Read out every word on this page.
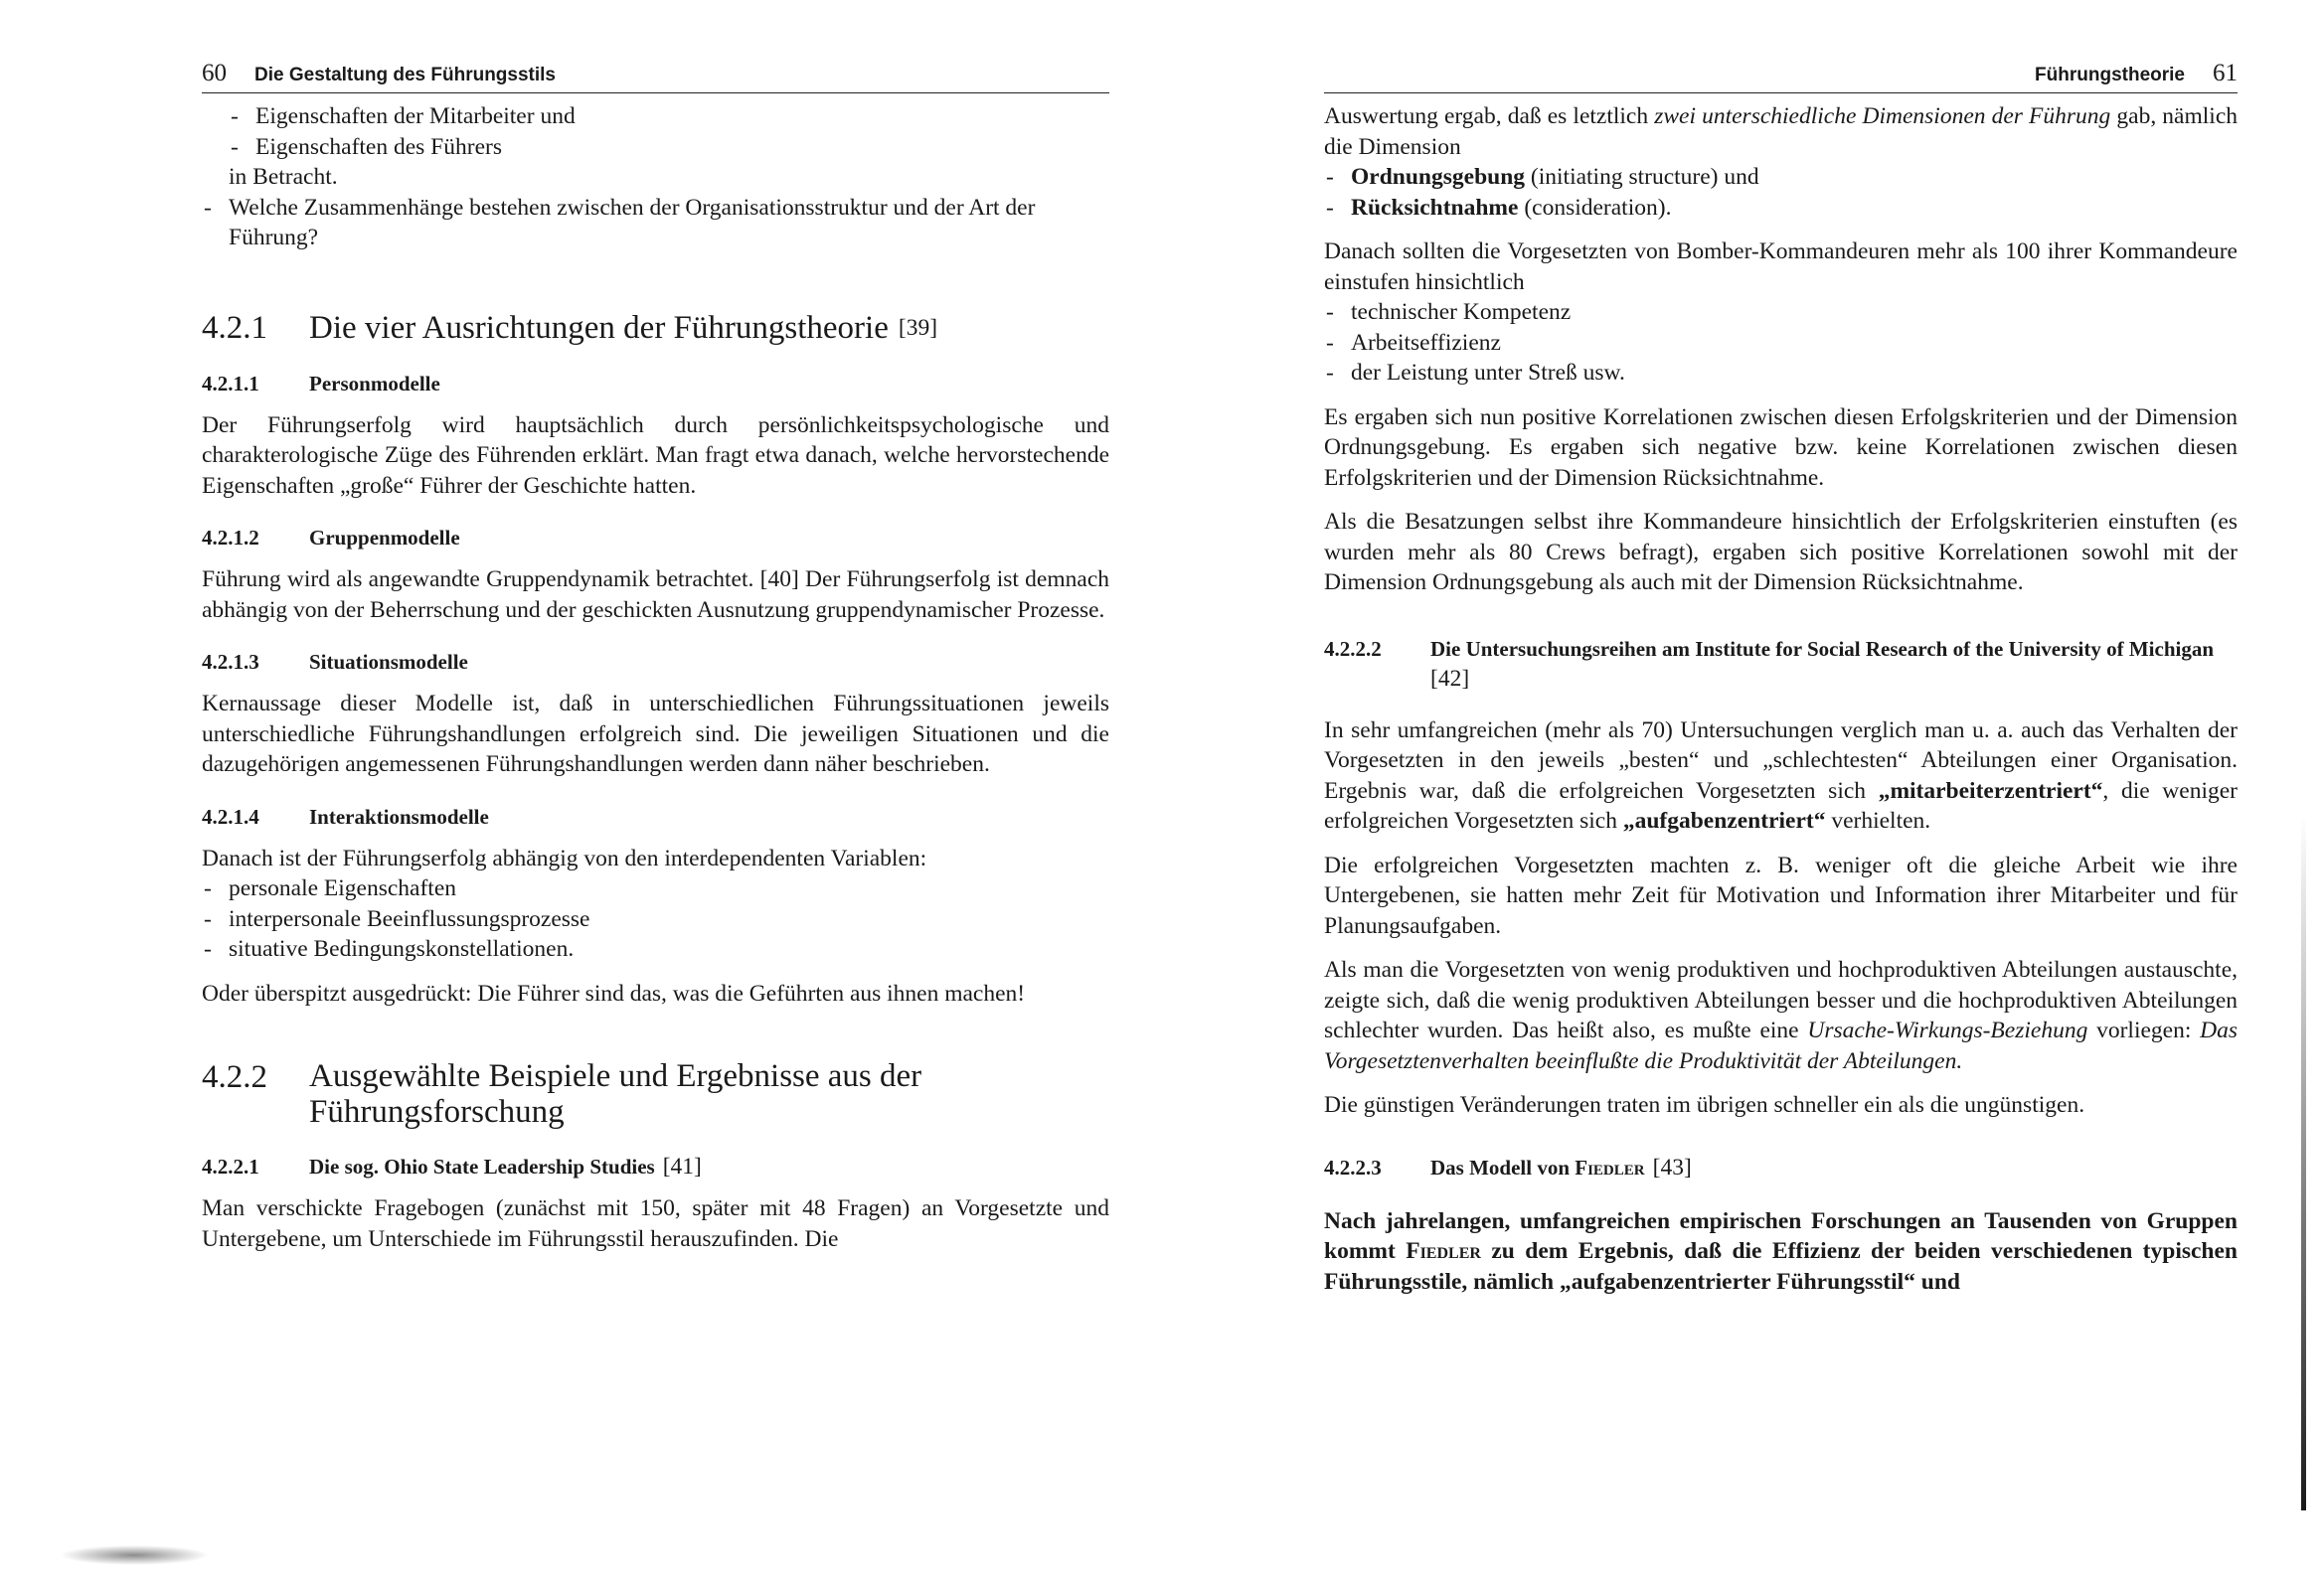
60 Die Gestaltung des Führungsstils
- Eigenschaften der Mitarbeiter und
- Eigenschaften des Führers

in Betracht.

- Welche Zusammenhänge bestehen zwischen der Organisationsstruktur und der Art der Führung?
4.2.1	Die vier Ausrichtungen der Führungstheorie [39]
4.2.1.1	Personmodelle

Der Führungserfolg wird hauptsächlich durch persönlichkeitspsychologische und charakterologische Züge des Führenden erklärt. Man fragt etwa danach, welche hervorstechende Eigenschaften „große“ Führer der Geschichte hatten.

4.2.1.2	Gruppenmodelle

Führung wird als angewandte Gruppendynamik betrachtet. [40] Der Führungserfolg ist demnach abhängig von der Beherrschung und der geschickten Ausnutzung gruppendynamischer Prozesse.

4.2.1.3	Situationsmodelle

Kernaussage dieser Modelle ist, daß in unterschiedlichen Führungssituationen jeweils unterschiedliche Führungshandlungen erfolgreich sind. Die jeweiligen Situationen und die dazugehörigen angemessenen Führungshandlungen werden dann näher beschrieben.

4.2.1.4	Interaktionsmodelle

Danach ist der Führungserfolg abhängig von den interdependenten Variablen:

- personale Eigenschaften
- interpersonale Beeinflussungsprozesse
- situative Bedingungskonstellationen.

Oder überspitzt ausgedrückt: Die Führer sind das, was die Geführten aus ihnen machen!

4.2.2	Ausgewählte Beispiele und Ergebnisse aus der Führungsforschung
4.2.2.1	Die sog. Ohio State Leadership Studies [41]

Man verschickte Fragebogen (zunächst mit 150, später mit 48 Fragen) an Vorgesetzte und Untergebene, um Unterschiede im Führungsstil herauszufinden. Die

Führungstheorie 61

Auswertung ergab, daß es letztlich zwei unterschiedliche Dimensionen der Führung gab, nämlich die Dimension

- Ordnungsgebung (initiating structure) und
- Rücksichtnahme (consideration).

Danach sollten die Vorgesetzten von Bomber-Kommandeuren mehr als 100 ihrer Kommandeure einstufen hinsichtlich

- technischer Kompetenz
- Arbeitseffizienz
- der Leistung unter Streß usw.

Es ergaben sich nun positive Korrelationen zwischen diesen Erfolgskriterien und der Dimension Ordnungsgebung. Es ergaben sich negative bzw. keine Korrelationen zwischen diesen Erfolgskriterien und der Dimension Rücksichtnahme.

Als die Besatzungen selbst ihre Kommandeure hinsichtlich der Erfolgskriterien einstuften (es wurden mehr als 80 Crews befragt), ergaben sich positive Korrelationen sowohl mit der Dimension Ordnungsgebung als auch mit der Dimension Rücksichtnahme.

4.2.2.2	Die Untersuchungsreihen am Institute for Social Research of the University of Michigan [42]

In sehr umfangreichen (mehr als 70) Untersuchungen verglich man u. a. auch das Verhalten der Vorgesetzten in den jeweils „besten“ und „schlechtesten“ Abteilungen einer Organisation. Ergebnis war, daß die erfolgreichen Vorgesetzten sich „mitarbeiterzentriert“, die weniger erfolgreichen Vorgesetzten sich „aufgabenzentriert“ verhielten.

Die erfolgreichen Vorgesetzten machten z. B. weniger oft die gleiche Arbeit wie ihre Untergebenen, sie hatten mehr Zeit für Motivation und Information ihrer Mitarbeiter und für Planungsaufgaben.

Als man die Vorgesetzten von wenig produktiven und hochproduktiven Abteilungen austauschte, zeigte sich, daß die wenig produktiven Abteilungen besser und die hochproduktiven Abteilungen schlechter wurden. Das heißt also, es mußte eine Ursache-Wirkungs-Beziehung vorliegen: Das Vorgesetztenverhalten beeinflußte die Produktivität der Abteilungen.

Die günstigen Veränderungen traten im übrigen schneller ein als die ungünstigen.

4.2.2.3	Das Modell von Fiedler [43]

Nach jahrelangen, umfangreichen empirischen Forschungen an Tausenden von Gruppen kommt Fiedler zu dem Ergebnis, daß die Effizienz der beiden verschiedenen typischen Führungsstile, nämlich „aufgabenzentrierter Führungsstil“ und
